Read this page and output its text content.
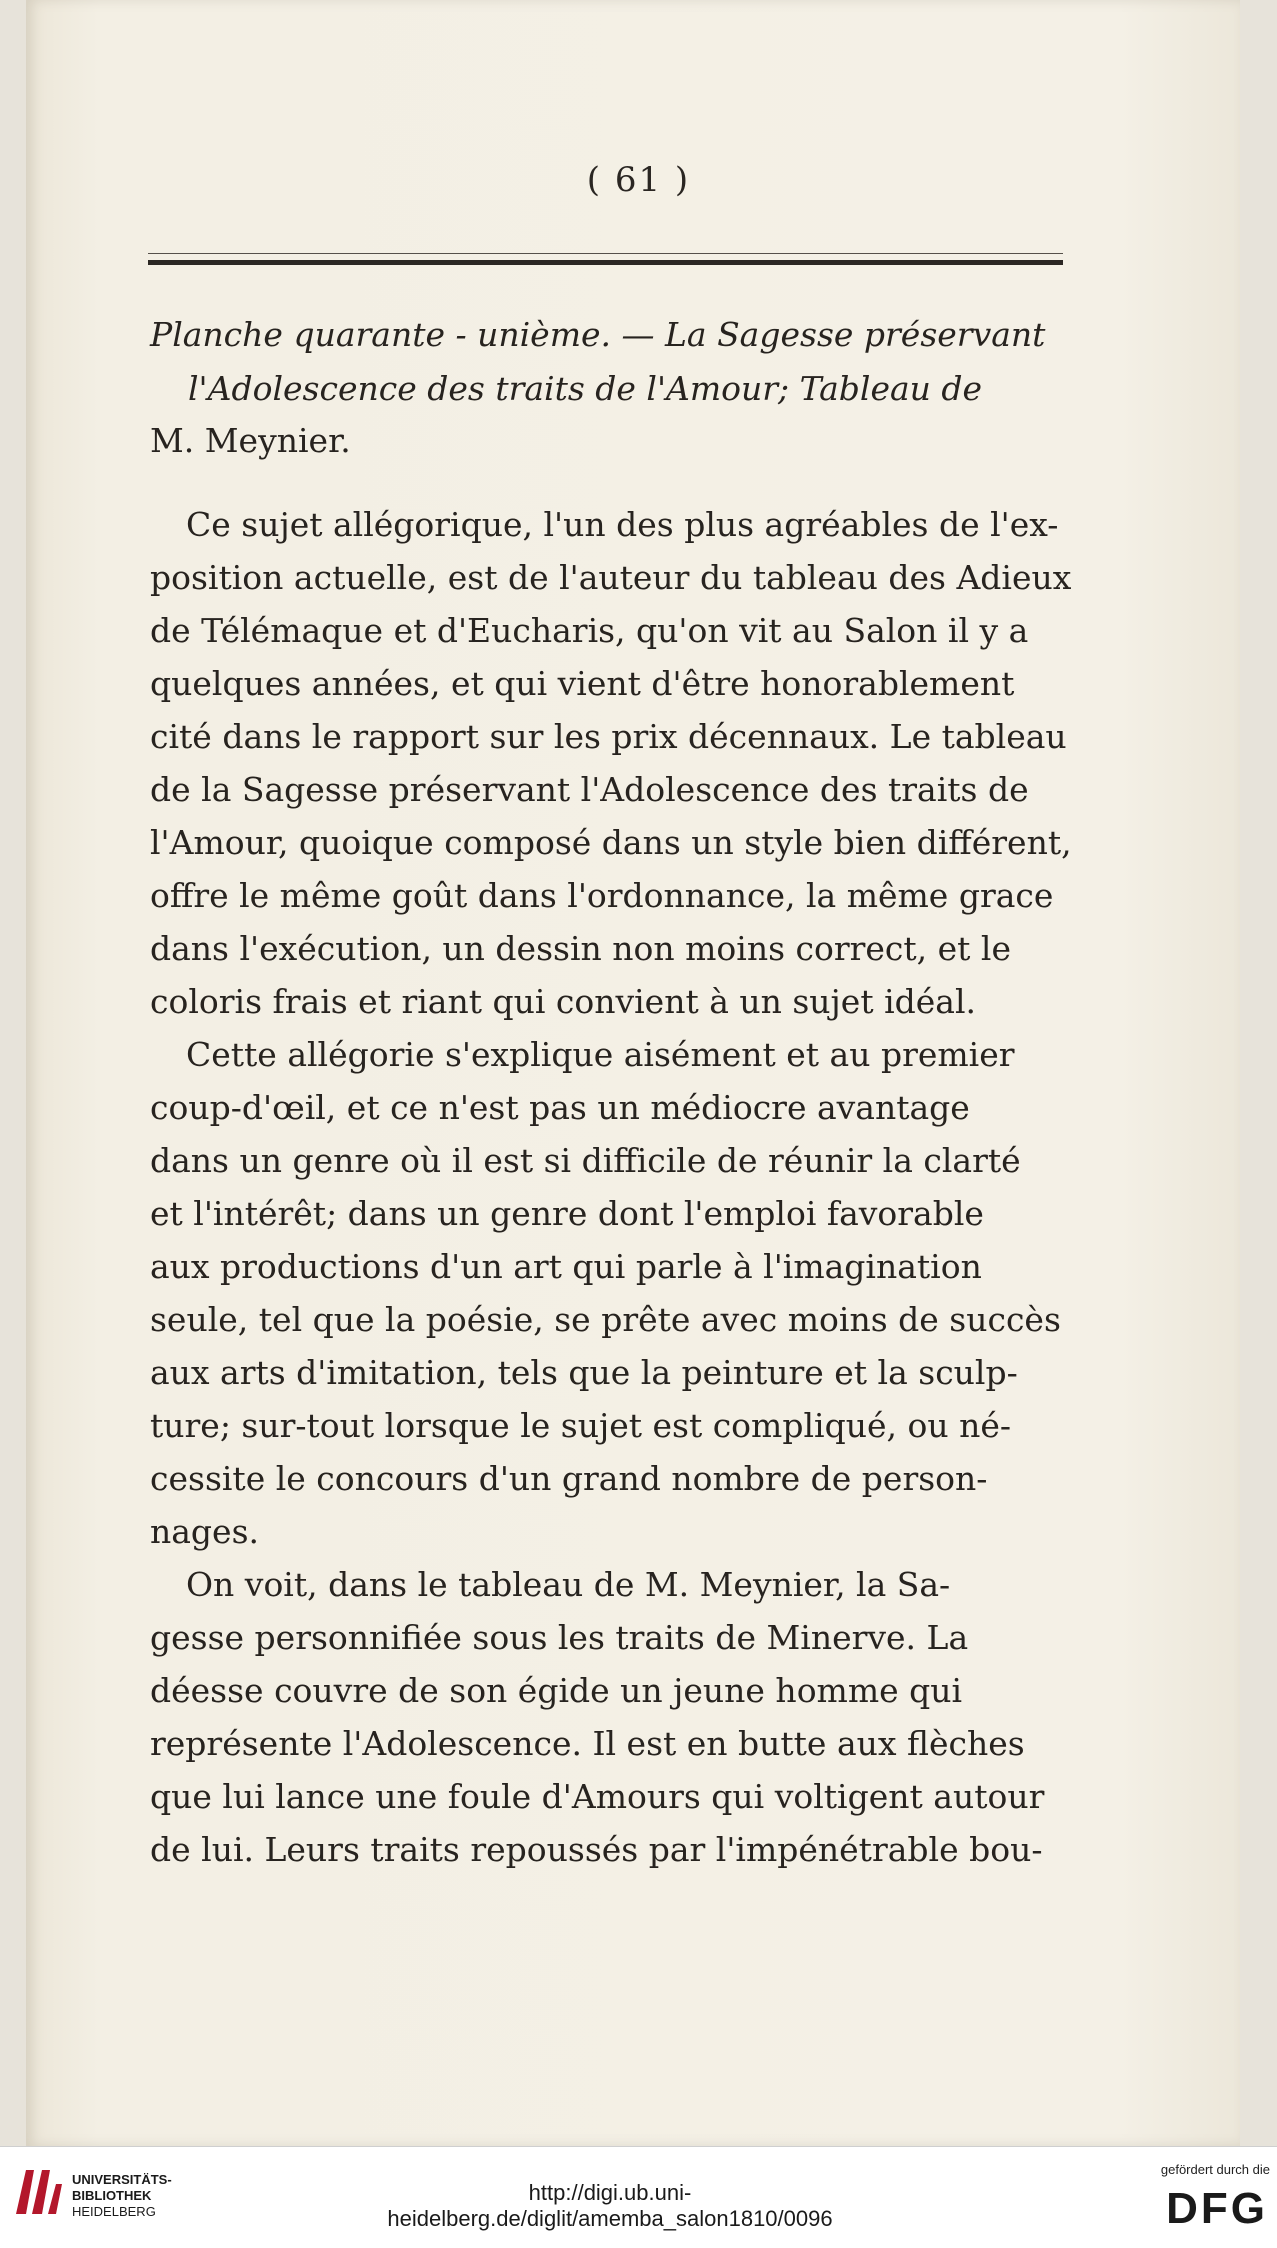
( 61 )
Planche quarante - unième. — La Sagesse préservant
l'Adolescence des traits de l'Amour; Tableau de
M. Meynier.
Ce sujet allégorique, l'un des plus agréables de l'ex-
position actuelle, est de l'auteur du tableau des Adieux
de Télémaque et d'Eucharis, qu'on vit au Salon il y a
quelques années, et qui vient d'être honorablement
cité dans le rapport sur les prix décennaux. Le tableau
de la Sagesse préservant l'Adolescence des traits de
l'Amour, quoique composé dans un style bien différent,
offre le même goût dans l'ordonnance, la même grace
dans l'exécution, un dessin non moins correct, et le
coloris frais et riant qui convient à un sujet idéal.
Cette allégorie s'explique aisément et au premier
coup-d'œil, et ce n'est pas un médiocre avantage
dans un genre où il est si difficile de réunir la clarté
et l'intérêt; dans un genre dont l'emploi favorable
aux productions d'un art qui parle à l'imagination
seule, tel que la poésie, se prête avec moins de succès
aux arts d'imitation, tels que la peinture et la sculp-
ture; sur-tout lorsque le sujet est compliqué, ou né-
cessite le concours d'un grand nombre de person-
nages.
On voit, dans le tableau de M. Meynier, la Sa-
gesse personnifiée sous les traits de Minerve. La
déesse couvre de son égide un jeune homme qui
représente l'Adolescence. Il est en butte aux flèches
que lui lance une foule d'Amours qui voltigent autour
de lui. Leurs traits repoussés par l'impénétrable bou-
UNIVERSITÄTS-
BIBLIOTHEK
HEIDELBERG
http://digi.ub.uni-heidelberg.de/diglit/amemba_salon1810/0096
gefördert durch die
DFG
